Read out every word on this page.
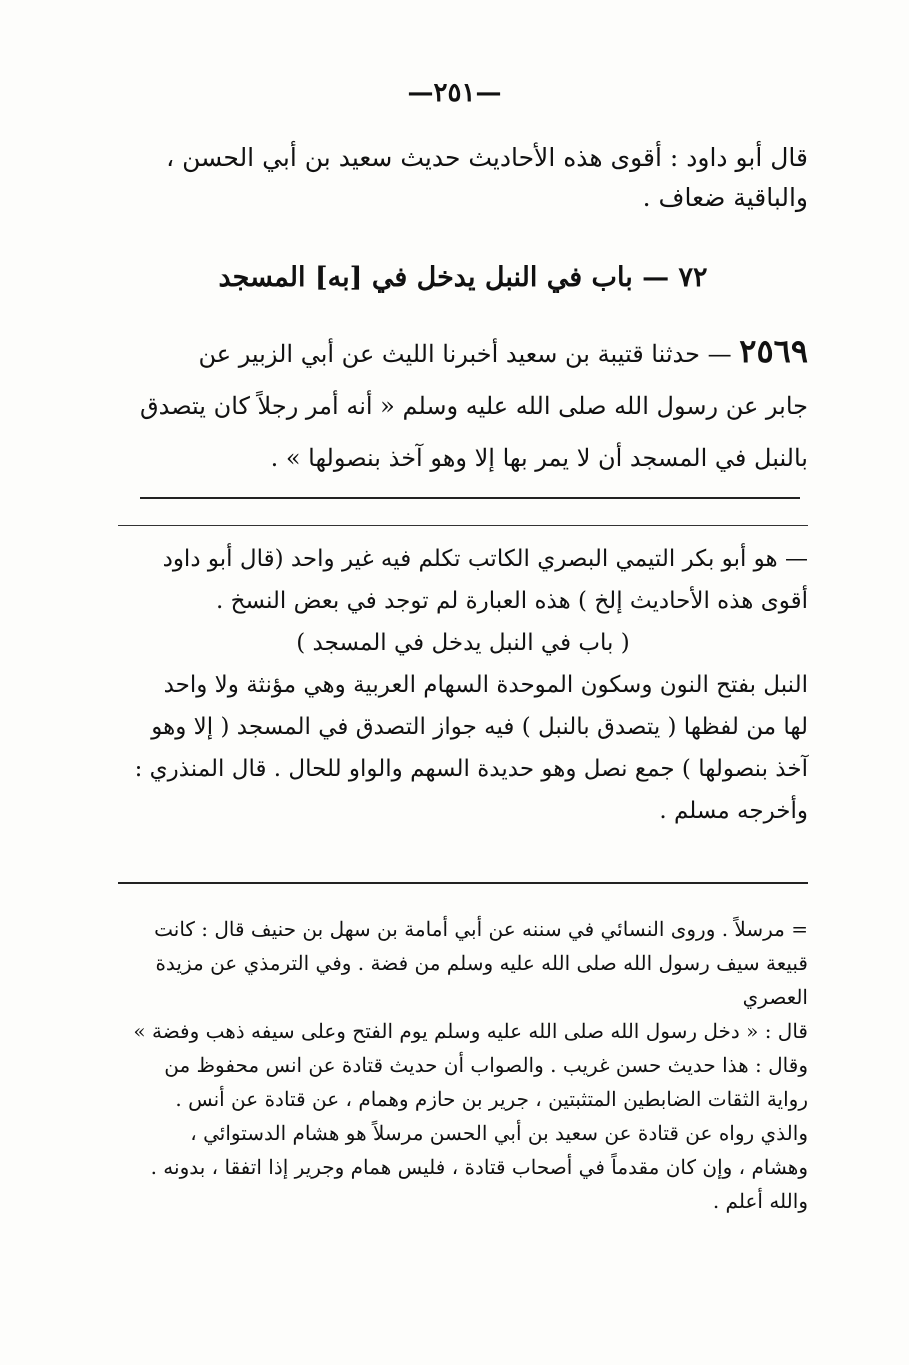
—٢٥١—

قال أبو داود : أقوى هذه الأحاديث حديث سعيد بن أبي الحسن ،

والباقية ضعاف .

٧٢ — باب في النبل يدخل في [به] المسجد
٢٥٦٩ — حدثنا قتيبة بن سعيد أخبرنا الليث عن أبي الزبير عن
جابر عن رسول الله صلى الله عليه وسلم « أنه أمر رجلاً كان يتصدق
بالنبل في المسجد أن لا يمر بها إلا وهو آخذ بنصولها » .
— هو أبو بكر التيمي البصري الكاتب تكلم فيه غير واحد (قال أبو داود
أقوى هذه الأحاديث إلخ ) هذه العبارة لم توجد في بعض النسخ .
( باب في النبل يدخل في المسجد )
النبل بفتح النون وسكون الموحدة السهام العربية وهي مؤنثة ولا واحد
لها من لفظها ( يتصدق بالنبل ) فيه جواز التصدق في المسجد ( إلا وهو
آخذ بنصولها ) جمع نصل وهو حديدة السهم والواو للحال . قال المنذري :
وأخرجه مسلم .
= مرسلاً . وروى النسائي في سننه عن أبي أمامة بن سهل بن حنيف قال : كانت
قبيعة سيف رسول الله صلى الله عليه وسلم من فضة . وفي الترمذي عن مزيدة العصري
قال : « دخل رسول الله صلى الله عليه وسلم يوم الفتح وعلى سيفه ذهب وفضة »
وقال : هذا حديث حسن غريب . والصواب أن حديث قتادة عن انس محفوظ من
رواية الثقات الضابطين المتثبتين ، جرير بن حازم وهمام ، عن قتادة عن أنس .
والذي رواه عن قتادة عن سعيد بن أبي الحسن مرسلاً هو هشام الدستوائي ،
وهشام ، وإن كان مقدماً في أصحاب قتادة ، فليس همام وجرير إذا اتفقا ، بدونه .
والله أعلم .
